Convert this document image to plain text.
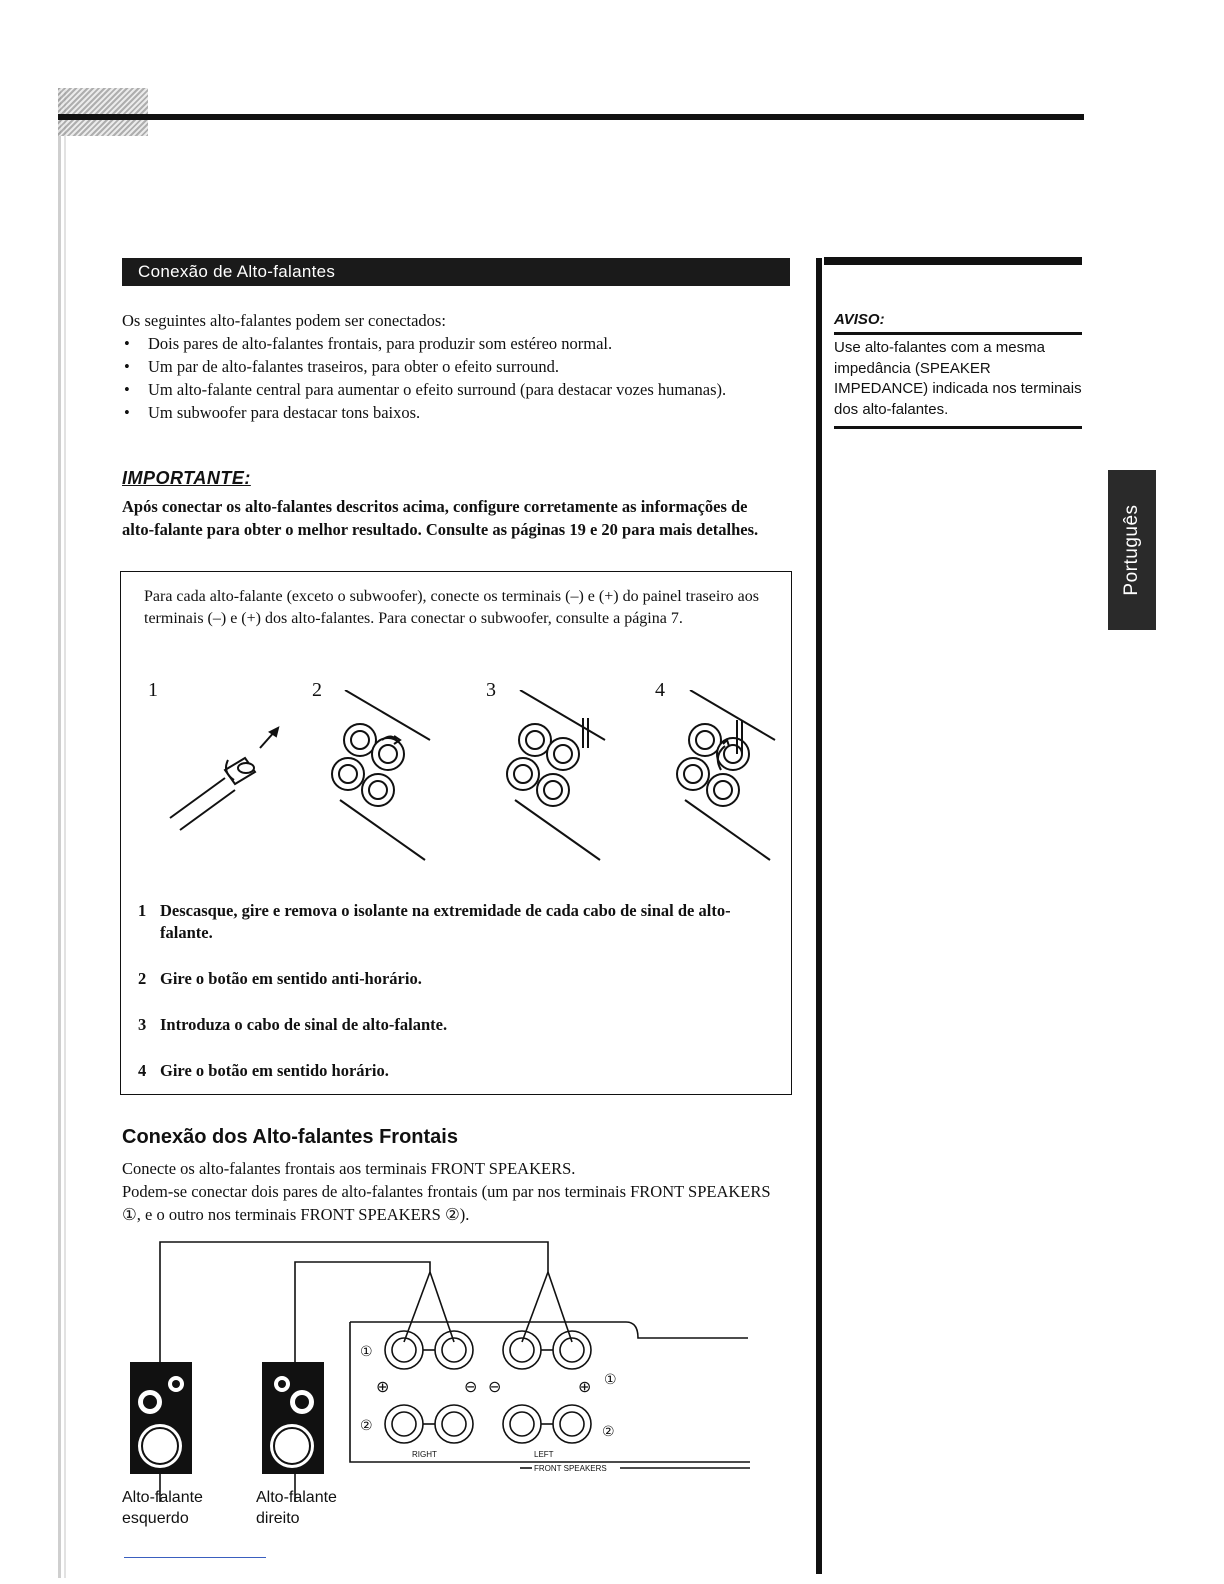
Conexão de Alto-falantes
Os seguintes alto-falantes podem ser conectados:
• Dois pares de alto-falantes frontais, para produzir som estéreo normal.
• Um par de alto-falantes traseiros, para obter o efeito surround.
• Um alto-falante central para aumentar o efeito surround (para destacar vozes humanas).
• Um subwoofer para destacar tons baixos.
IMPORTANTE:
Após conectar os alto-falantes descritos acima, configure corretamente as informações de alto-falante para obter o melhor resultado. Consulte as páginas 19 e 20 para mais detalhes.
Para cada alto-falante (exceto o subwoofer), conecte os terminais (–) e (+) do painel traseiro aos terminais (–) e (+) dos alto-falantes. Para conectar o subwoofer, consulte a página 7.
1	2	3	4
1 Descasque, gire e remova o isolante na extremidade de cada cabo de sinal de alto-falante.
2 Gire o botão em sentido anti-horário.
3 Introduza o cabo de sinal de alto-falante.
4 Gire o botão em sentido horário.
Conexão dos Alto-falantes Frontais
Conecte os alto-falantes frontais aos terminais FRONT SPEAKERS.
Podem-se conectar dois pares de alto-falantes frontais (um par nos terminais FRONT SPEAKERS ①, e o outro nos terminais FRONT SPEAKERS ②).
①
①
②	②
⊕	⊖ ⊖	⊕
RIGHT	LEFT
FRONT SPEAKERS
Alto-falante
esquerdo
Alto-falante
direito
AVISO:
Use alto-falantes com a mesma impedância (SPEAKER IMPEDANCE) indicada nos terminais dos alto-falantes.
Português
